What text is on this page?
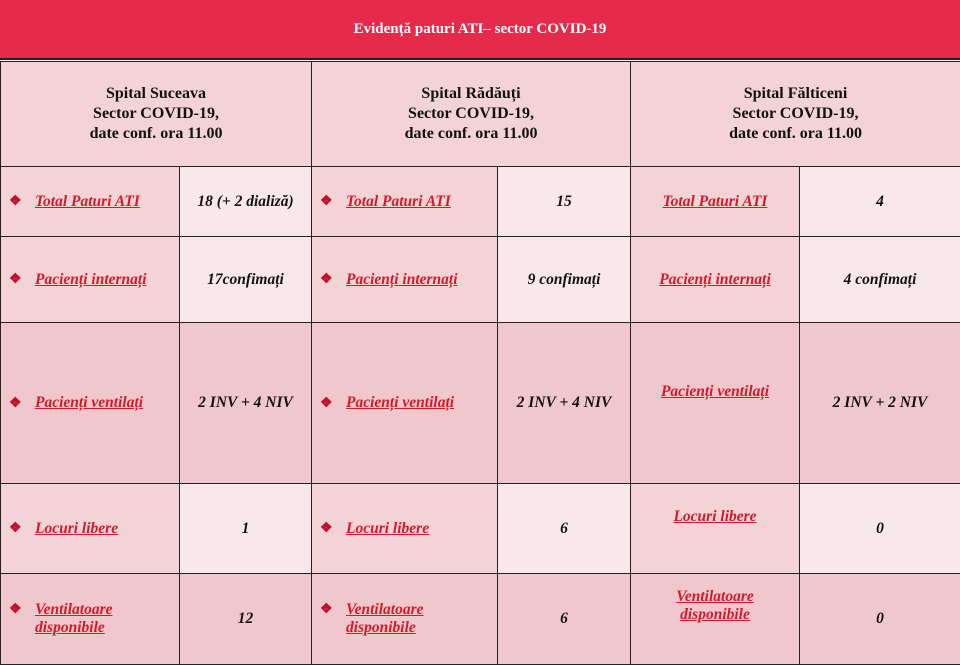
Evidență paturi ATI– sector COVID-19
Spital Suceava
Sector COVID-19,
date conf. ora 11.00		Spital Rădăuți
Sector COVID-19,
date conf. ora 11.00		Spital Fălticeni
Sector COVID-19,
date conf. ora 11.00	

❖ Total Paturi ATI	18 (+ 2 dializă)	❖ Total Paturi ATI	15	Total Paturi ATI	4

❖ Pacienți internați	17confimați	❖ Pacienți internați	9 confimați	Pacienți internați	4 confimați

❖ Pacienți ventilați	2 INV + 4 NIV	❖ Pacienți ventilați	2 INV + 4 NIV	Pacienți ventilați	2 INV + 2 NIV

❖ Locuri libere	1	❖ Locuri libere	6	Locuri libere	0

❖ Ventilatoare
disponibile	12	❖ Ventilatoare
disponibile	6	Ventilatoare
disponibile	0
